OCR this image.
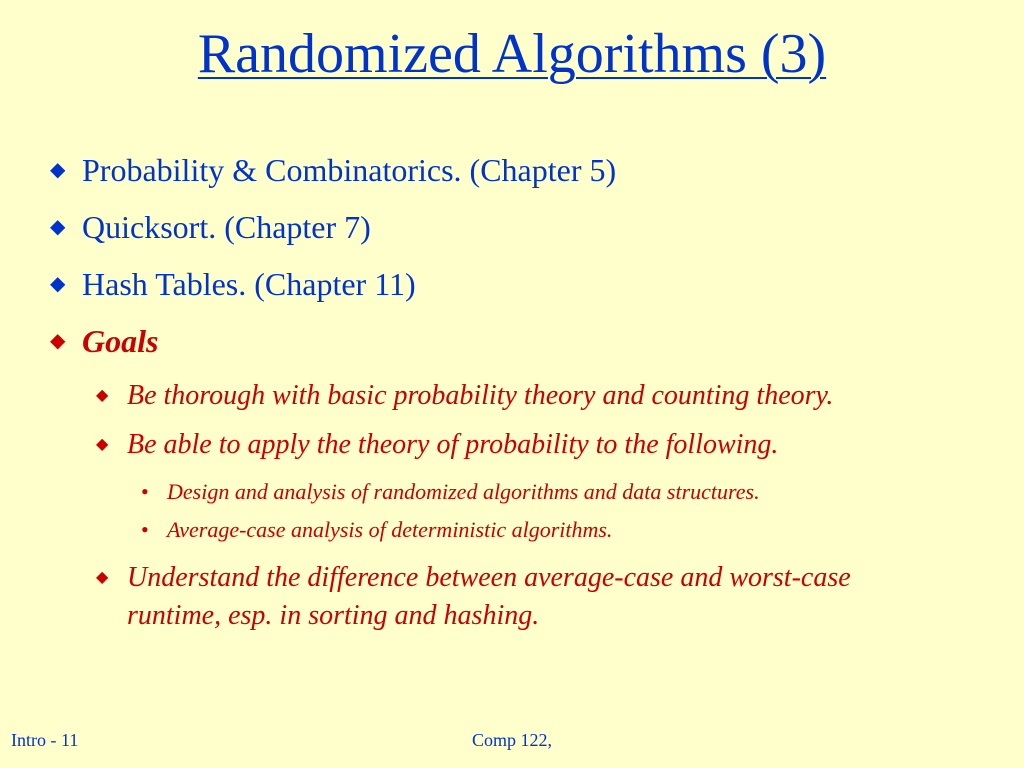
Randomized Algorithms (3)
◆ Probability & Combinatorics. (Chapter 5)
◆ Quicksort. (Chapter 7)
◆ Hash Tables. (Chapter 11)
◆ Goals
◆ Be thorough with basic probability theory and counting theory.
◆ Be able to apply the theory of probability to the following.
• Design and analysis of randomized algorithms and data structures.
• Average-case analysis of deterministic algorithms.
◆ Understand the difference between average-case and worst-case
runtime, esp. in sorting and hashing.
Intro - 11	Comp 122,
